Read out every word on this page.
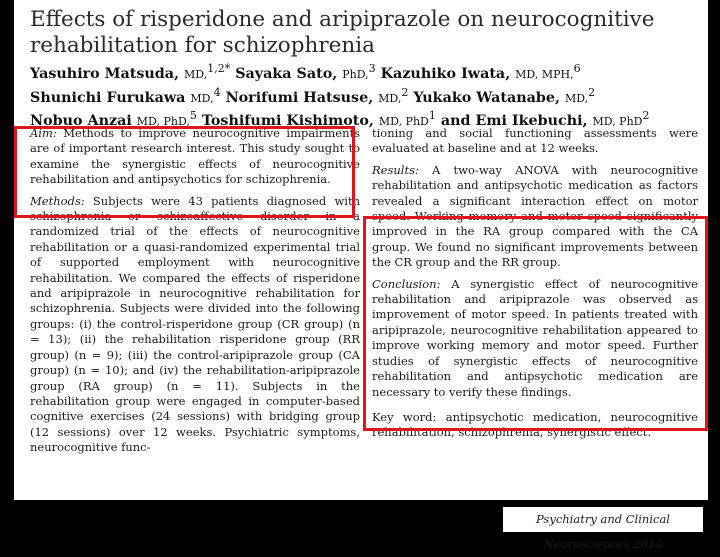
Effects of risperidone and aripiprazole on neurocognitive rehabilitation for schizophrenia
Yasuhiro Matsuda, MD,$^{1,2*}$ Sayaka Sato, PhD,$^3$ Kazuhiko Iwata, MD, MPH,$^6$
Shunichi Furukawa MD,$^4$ Norifumi Hatsuse, MD,$^2$ Yukako Watanabe, MD,$^2$
Nobuo Anzai MD, PhD,$^5$ Toshifumi Kishimoto, MD, PhD$^1$ and Emi Ikebuchi, MD, PhD$^2$

Aim: Methods to improve neurocognitive impairments are of important research interest. This study sought to examine the synergistic effects of neurocognitive rehabilitation and antipsychotics for schizophrenia.

Methods: Subjects were 43 patients diagnosed with schizophrenia or schizoaffective disorder in a randomized trial of the effects of neurocognitive rehabilitation or a quasi-randomized experimental trial of supported employment with neurocognitive rehabilitation. We compared the effects of risperidone and aripiprazole in neurocognitive rehabilitation for schizophrenia. Subjects were divided into the following groups: (i) the control-risperidone group (CR group) (n = 13); (ii) the rehabilitation risperidone group (RR group) (n = 9); (iii) the control-aripiprazole group (CA group) (n = 10); and (iv) the rehabilitation-aripiprazole group (RA group) (n = 11). Subjects in the rehabilitation group were engaged in computer-based cognitive exercises (24 sessions) with bridging group (12 sessions) over 12 weeks. Psychiatric symptoms, neurocognitive func-

tioning and social functioning assessments were evaluated at baseline and at 12 weeks.

Results: A two-way ANOVA with neurocognitive rehabilitation and antipsychotic medication as factors revealed a significant interaction effect on motor speed. Working memory and motor speed significantly improved in the RA group compared with the CA group. We found no significant improvements between the CR group and the RR group.

Conclusion: A synergistic effect of neurocognitive rehabilitation and aripiprazole was observed as improvement of motor speed. In patients treated with aripiprazole, neurocognitive rehabilitation appeared to improve working memory and motor speed. Further studies of synergistic effects of neurocognitive rehabilitation and antipsychotic medication are necessary to verify these findings.

Key word: antipsychotic medication, neurocognitive rehabilitation, schizophrenia, synergistic effect.

Psychiatry and Clinical Neurosciences 2014
